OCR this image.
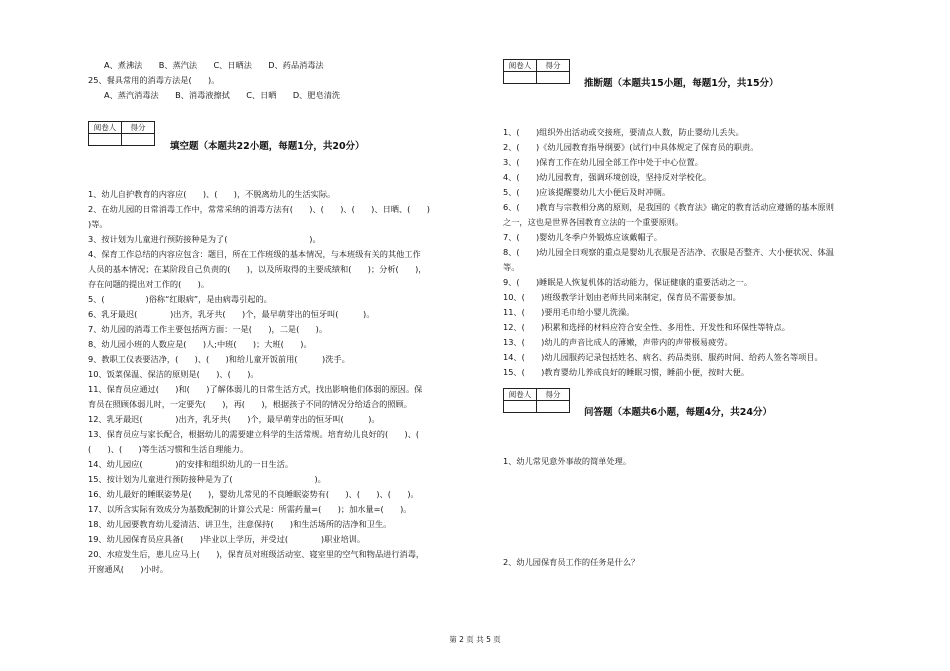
A、煮沸法　　B、蒸汽法　　C、日晒法　　D、药品消毒法
25、餐具常用的消毒方法是(　　)。
A、蒸汽消毒法　　B、消毒液擦拭　　C、日晒　　D、肥皂清洗
阅卷人	得分

填空题（本题共22小题，每题1分，共20分）
1、幼儿自护教育的内容应(　　)、(　　)，不脱离幼儿的生活实际。
2、在幼儿园的日常消毒工作中，常常采纳的消毒方法有(　　)、(　　)、(　　)、日晒、(　　)
)等。
3、按计划为儿童进行预防接种是为了(　　　　　　　　　　)。
4、保育工作总结的内容应包含：题目，所在工作班级的基本情况，与本班级有关的其他工作
人员的基本情况；在某阶段自己负责的(　　)，以及所取得的主要成绩和(　　)；分析(　　)，
存在问题的提出对工作的(　　)。
5、(　　　　　)俗称“红眼病”，是由病毒引起的。
6、乳牙最迟(　　　　)出齐，乳牙共(　　)个，最早萌芽出的恒牙叫(　　　)。
7、幼儿园的消毒工作主要包括两方面：一是(　　)，二是(　　)。
8、幼儿园小班的人数应是(　　)人;中班(　　)；大班(　　)。
9、教职工仪表要洁净，(　　)、(　　)和给儿童开饭前用(　　　)洗手。
10、饭菜保温、保洁的原则是(　　)、(　　)。
11、保育员应通过(　　)和(　　)了解体弱儿的日常生活方式，找出影响他们体弱的原因。保
育员在照顾体弱儿时，一定要先(　　)，再(　　)，根据孩子不同的情况分给适合的照顾。
12、乳牙最迟(　　　　)出齐，乳牙共(　　)个，最早萌芽出的恒牙叫(　　　)。
13、保育员应与家长配合，根据幼儿的需要建立科学的生活常规。培育幼儿良好的(　　)、(
(　　)、(　　)等生活习惯和生活自理能力。
14、幼儿园应(　　　　)的安排和组织幼儿的一日生活。
15、按计划为儿童进行预防接种是为了(　　　　　　　　　　)。
16、幼儿最好的睡眠姿势是(　　)，婴幼儿常见的不良睡眠姿势有(　　)、(　　)、(　　)。
17、以所含实际有效成分为基数配制的计算公式是：所需药量=(　　)；加水量=(　　)。
18、幼儿园要教育幼儿爱清洁、讲卫生，注意保持(　　)和生活场所的洁净和卫生。
19、幼儿园保育员应具备(　　)毕业以上学历，并受过(　　　　)职业培训。
20、水痘发生后，患儿应马上(　　)，保育员对班级活动室、寝室里的空气和物品进行消毒，
开窗通风(　　)小时。
阅卷人	得分

推断题（本题共15小题，每题1分，共15分）
1、(　　)组织外出活动或交接班，要清点人数，防止婴幼儿丢失。
2、(　　)《幼儿园教育指导纲要》(试行)中具体规定了保育员的职责。
3、(　　)保育工作在幼儿园全部工作中处于中心位置。
4、(　　)幼儿园教育，强调环境创设，坚持反对学校化。
5、(　　)应该提醒婴幼儿大小便后及时冲厕。
6、(　　)教育与宗教相分离的原则，是我国的《教育法》确定的教育活动应遵循的基本原则
之一，这也是世界各国教育立法的一个重要原则。
7、(　　)婴幼儿冬季户外锻炼应该戴帽子。
8、(　　)幼儿园全日观察的重点是婴幼儿衣服是否洁净、衣服是否整齐、大小便状况、体温
等。
9、(　　)睡眠是人恢复机体的活动能力，保证健康的重要活动之一。
10、(　　)班级教学计划由老师共同来制定，保育员不需要参加。
11、(　　)要用毛巾给小婴儿洗澡。
12、(　　)积累和选择的材料应符合安全性、多用性、开发性和环保性等特点。
13、(　　)幼儿的声音比成人的薄嫩，声带内的声带极易疲劳。
14、(　　)幼儿园服药记录包括姓名、病名、药品类别、服药时间、给药人签名等项目。
15、(　　)教育婴幼儿养成良好的睡眠习惯，睡前小便，按时大便。
阅卷人	得分

问答题（本题共6小题，每题4分，共24分）
1、幼儿常见意外事故的简单处理。
2、幼儿园保育员工作的任务是什么？
第 2 页 共 5 页
